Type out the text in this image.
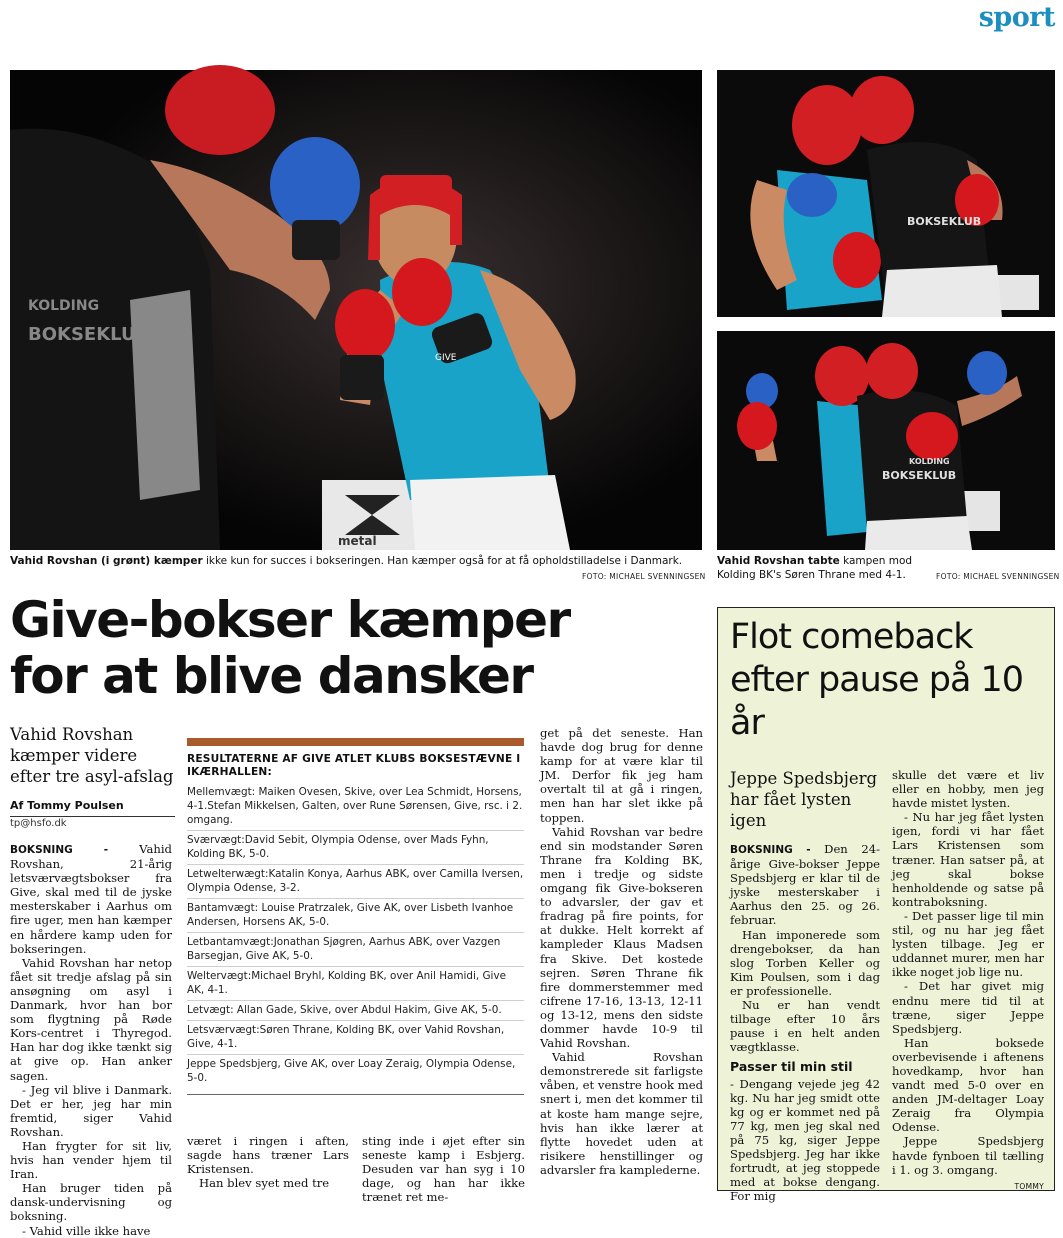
sport
metal
GIVE
KOLDING
BOKSEKLUB
BOKSEKLUB
KOLDING
BOKSEKLUB
Vahid Rovshan (i grønt) kæmper ikke kun for succes i bokseringen. Han kæmper også for at få opholdstilladelse i Danmark.
FOTO: MICHAEL SVENNINGSEN
Vahid Rovshan tabte kampen mod Kolding BK's Søren Thrane med 4-1.	FOTO: MICHAEL SVENNINGSEN
Give-bokser kæmper for at blive dansker
Vahid Rovshan kæmper videre efter tre asyl-afslag
Af Tommy Poulsen
tp@hsfo.dk

BOKSNING - Vahid Rovshan, 21-årig letsværvægtsbokser fra Give, skal med til de jyske mesterskaber i Aarhus om fire uger, men han kæmper en hårdere kamp uden for bokseringen.

Vahid Rovshan har netop fået sit tredje afslag på sin ansøgning om asyl i Danmark, hvor han bor som flygtning på Røde Kors-centret i Thyregod. Han har dog ikke tænkt sig at give op. Han anker sagen.

- Jeg vil blive i Danmark. Det er her, jeg har min fremtid, siger Vahid Rovshan.

Han frygter for sit liv, hvis han vender hjem til Iran.

Han bruger tiden på dansk-undervisning og boksning.

- Vahid ville ikke have

RESULTATERNE AF GIVE ATLET KLUBS BOKSESTÆVNE I IKÆRHALLEN:
Mellemvægt: Maiken Ovesen, Skive, over Lea Schmidt, Horsens, 4-1.Stefan Mikkelsen, Galten, over Rune Sørensen, Give, rsc. i 2. omgang.
Sværvægt:David Sebit, Olympia Odense, over Mads Fyhn, Kolding BK, 5-0.
Letwelterwægt:Katalin Konya, Aarhus ABK, over Camilla Iversen, Olympia Odense, 3-2.
Bantamvægt: Louise Pratrzalek, Give AK, over Lisbeth Ivanhoe Andersen, Horsens AK, 5-0.
Letbantamvægt:Jonathan Sjøgren, Aarhus ABK, over Vazgen Barsegjan, Give AK, 5-0.
Weltervægt:Michael Bryhl, Kolding BK, over Anil Hamidi, Give AK, 4-1.
Letvægt: Allan Gade, Skive, over Abdul Hakim, Give AK, 5-0.
Letsværvægt:Søren Thrane, Kolding BK, over Vahid Rovshan, Give, 4-1.
Jeppe Spedsbjerg, Give AK, over Loay Zeraig, Olympia Odense, 5-0.

været i ringen i aften, sagde hans træner Lars Kristensen.

Han blev syet med tre

sting inde i øjet efter sin seneste kamp i Esbjerg. Desuden var han syg i 10 dage, og han har ikke trænet ret me-

get på det seneste. Han havde dog brug for denne kamp for at være klar til JM. Derfor fik jeg ham overtalt til at gå i ringen, men han har slet ikke på toppen.

Vahid Rovshan var bedre end sin modstander Søren Thrane fra Kolding BK, men i tredje og sidste omgang fik Give-bokseren to advarsler, der gav et fradrag på fire points, for at dukke. Helt korrekt af kampleder Klaus Madsen fra Skive. Det kostede sejren. Søren Thrane fik fire dommerstemmer med cifrene 17-16, 13-13, 12-11 og 13-12, mens den sidste dommer havde 10-9 til Vahid Rovshan.

Vahid Rovshan demonstrerede sit farligste våben, et venstre hook med snert i, men det kommer til at koste ham mange sejre, hvis han ikke lærer at flytte hovedet uden at risikere henstillinger og advarsler fra kamplederne.

Flot comeback efter pause på 10 år
Jeppe Spedsbjerg har fået lysten igen

BOKSNING - Den 24-årige Give-bokser Jeppe Spedsbjerg er klar til de jyske mesterskaber i Aarhus den 25. og 26. februar.

Han imponerede som drengebokser, da han slog Torben Keller og Kim Poulsen, som i dag er professionelle.

Nu er han vendt tilbage efter 10 års pause i en helt anden vægtklasse.

Passer til min stil

- Dengang vejede jeg 42 kg. Nu har jeg smidt otte kg og er kommet ned på 77 kg, men jeg skal ned på 75 kg, siger Jeppe Spedsbjerg. Jeg har ikke fortrudt, at jeg stoppede med at bokse dengang. For mig

skulle det være et liv eller en hobby, men jeg havde mistet lysten.

- Nu har jeg fået lysten igen, fordi vi har fået Lars Kristensen som træner. Han satser på, at jeg skal bokse henholdende og satse på kontraboksning.

- Det passer lige til min stil, og nu har jeg fået lysten tilbage. Jeg er uddannet murer, men har ikke noget job lige nu.

- Det har givet mig endnu mere tid til at træne, siger Jeppe Spedsbjerg.

Han boksede overbevisende i aftenens hovedkamp, hvor han vandt med 5-0 over en anden JM-deltager Loay Zeraig fra Olympia Odense.

Jeppe Spedsbjerg havde fynboen til tælling i 1. og 3. omgang.

TOMMY
